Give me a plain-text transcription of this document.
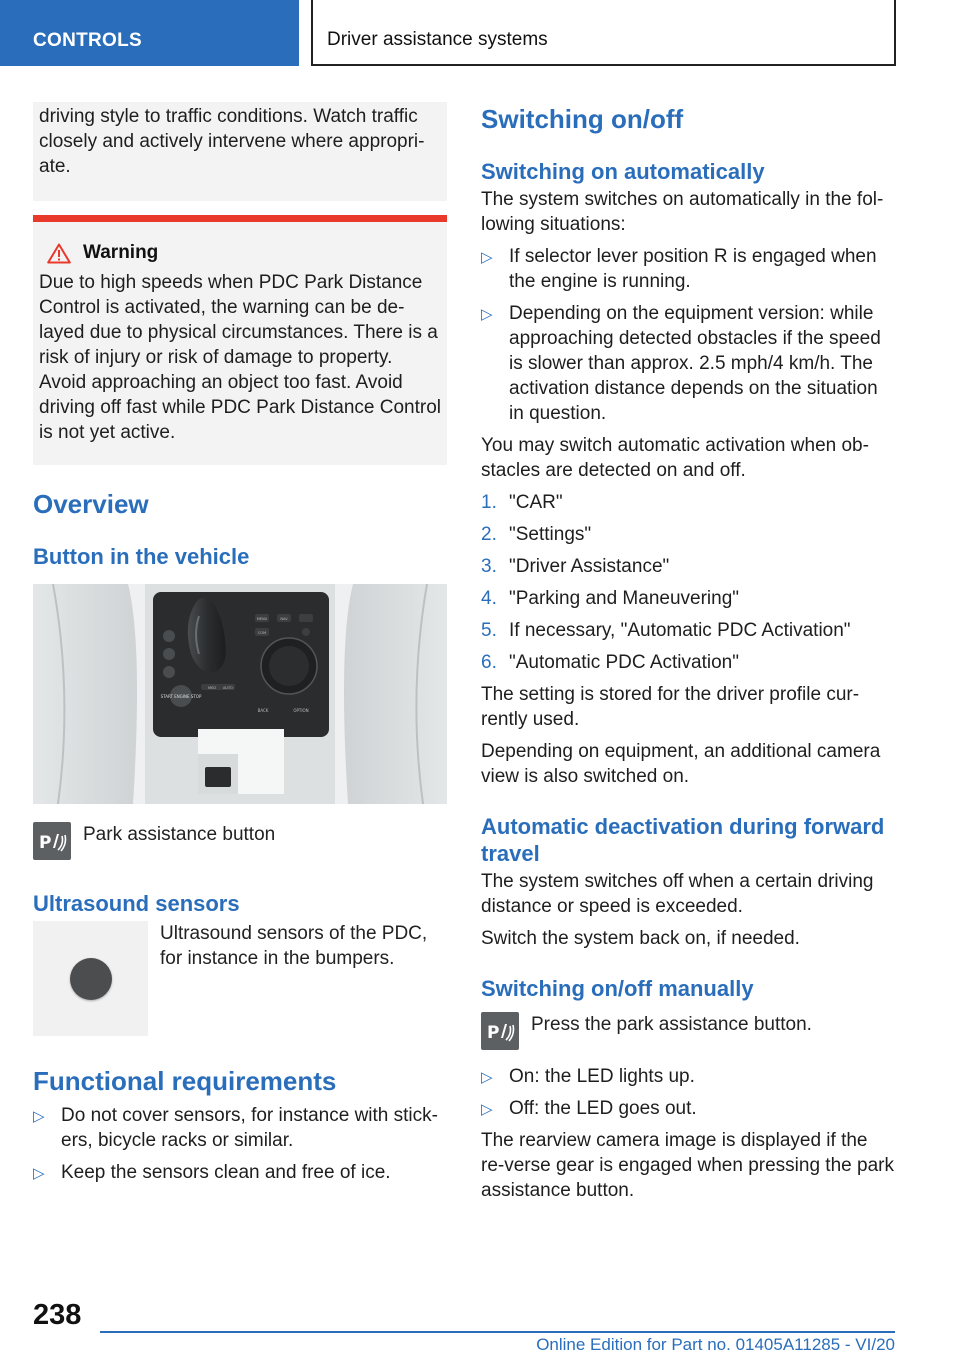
CONTROLS	Driver assistance systems

driving style to traffic conditions. Watch traffic closely and actively intervene where appropri‐ate.

Warning

Due to high speeds when PDC Park Distance Control is activated, the warning can be de‐layed due to physical circumstances. There is a risk of injury or risk of damage to property. Avoid approaching an object too fast. Avoid driving off fast while PDC Park Distance Control is not yet active.

Overview
Button in the vehicle
START ENGINE STOP
MENU
COM
NAV
BACK	OPTION
MED AUTO
P Park assistance button
Ultrasound sensors

Ultrasound sensors of the PDC, for instance in the bumpers.

Functional requirements
▷ Do not cover sensors, for instance with stick‐ers, bicycle racks or similar.
▷ Keep the sensors clean and free of ice.
Switching on/off
Switching on automatically

The system switches on automatically in the fol‐lowing situations:

▷ If selector lever position R is engaged when the engine is running.
▷ Depending on the equipment version: while approaching detected obstacles if the speed is slower than approx. 2.5 mph/4 km/h. The activation distance depends on the situation in question.

You may switch automatic activation when ob‐stacles are detected on and off.

1. "CAR"
2. "Settings"
3. "Driver Assistance"
4. "Parking and Maneuvering"
5. If necessary, "Automatic PDC Activation"
6. "Automatic PDC Activation"

The setting is stored for the driver profile cur‐rently used.

Depending on equipment, an additional camera view is also switched on.

Automatic deactivation during forward travel

The system switches off when a certain driving distance or speed is exceeded.

Switch the system back on, if needed.

Switching on/off manually
P Press the park assistance button.
▷ On: the LED lights up.
▷ Off: the LED goes out.

The rearview camera image is displayed if the re‐verse gear is engaged when pressing the park assistance button.

238
Online Edition for Part no. 01405A11285 - VI/20
